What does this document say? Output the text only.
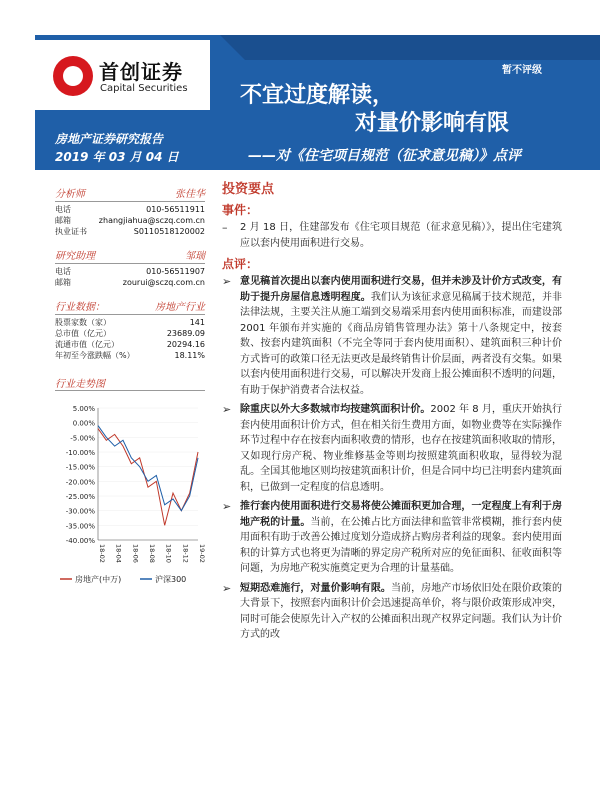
首创证券
Capital Securities
暂不评级
不宜过度解读，
对量价影响有限
——对《住宅项目规范（征求意见稿）》点评
房地产证券研究报告
2019 年 03 月 04 日
分析师	张佳华
电话	010-56511911
邮箱	zhangjiahua@sczq.com.cn
执业证书	S0110518120002
研究助理	邹瑞
电话	010-56511907
邮箱	zourui@sczq.com.cn
行业数据：	房地产行业
股票家数（家）	141
总市值（亿元）	23689.09
流通市值（亿元）	20294.16
年初至今涨跌幅（%）	18.11%
行业走势图
5.00%
0.00%
-5.00%
-10.00%
-15.00%
-20.00%
-25.00%
-30.00%
-35.00%
-40.00%
18-02 18-04 18-06 18-08 18-10 18-12 19-02
房地产(中万)	沪深300
投资要点
事件：
– 2 月 18 日，住建部发布《住宅项目规范（征求意见稿）》，提出住宅建筑应以套内使用面积进行交易。
点评：
➢ 意见稿首次提出以套内使用面积进行交易，但并未涉及计价方式改变，有助于提升房屋信息透明程度。我们认为该征求意见稿属于技术规范，并非法律法规，主要关注从施工端到交易端采用套内使用面积标准，而建设部 2001 年颁布并实施的《商品房销售管理办法》第十八条规定中，按套数、按套内建筑面积（不完全等同于套内使用面积）、建筑面积三种计价方式皆可的政策口径无法更改是最终销售计价层面，两者没有交集。如果以套内使用面积进行交易，可以解决开发商上报公摊面积不透明的问题，有助于保护消费者合法权益。
➢ 除重庆以外大多数城市均按建筑面积计价。2002 年 8 月，重庆开始执行套内使用面积计价方式，但在相关衍生费用方面，如物业费等在实际操作环节过程中存在按套内面积收费的情形，也存在按建筑面积收取的情形，又如现行房产税、物业维修基金等则均按照建筑面积收取，显得较为混乱。全国其他地区则均按建筑面积计价，但是合同中均已注明套内建筑面积，已做到一定程度的信息透明。
➢ 推行套内使用面积进行交易将使公摊面积更加合理，一定程度上有利于房地产税的计量。当前，在公摊占比方面法律和监管非常模糊，推行套内使用面积有助于改善公摊过度划分造成挤占购房者利益的现象。套内使用面积的计算方式也将更为清晰的界定房产税所对应的免征面积、征收面积等问题，为房地产税实施奠定更为合理的计量基础。
➢ 短期恐难施行，对量价影响有限。当前，房地产市场依旧处在限价政策的大背景下，按照套内面积计价会迅速提高单价，将与限价政策形成冲突，同时可能会使原先计入产权的公摊面积出现产权界定问题。我们认为计价方式的改
